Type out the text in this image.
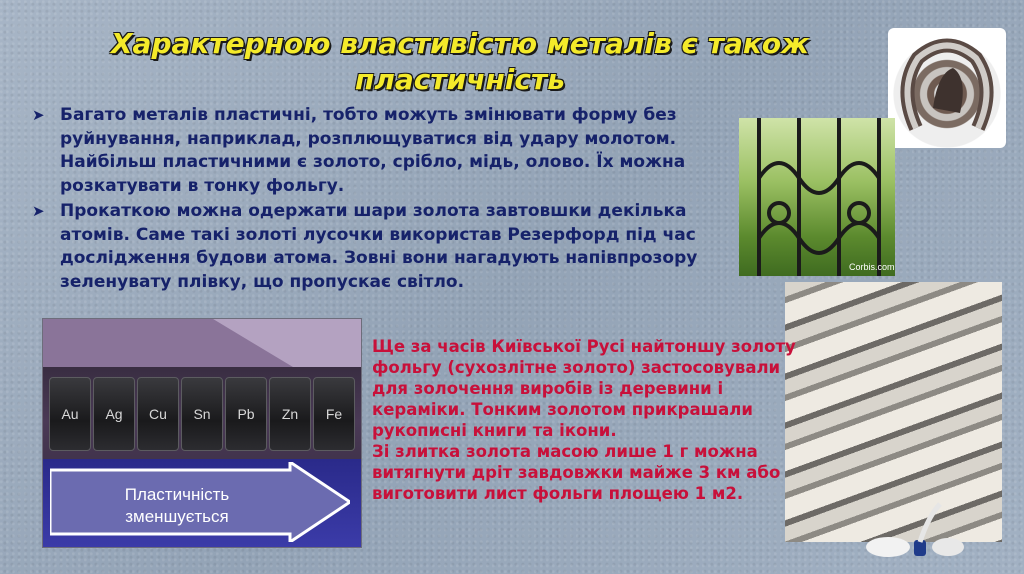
Характерною властивістю металів є також пластичність
➤ Багато металів пластичні, тобто можуть змінювати форму без руйнування, наприклад, розплющуватися від удару молотом. Найбільш пластичними є золото, срібло, мідь, олово. Їх можна розкатувати в тонку фольгу.
➤ Прокаткою можна одержати шари золота завтовшки декілька атомів. Саме такі золоті лусочки використав Резерфорд під час дослідження будови атома. Зовні вони нагадують напівпрозору зеленувату плівку, що пропускає світло.
Corbis.com
Au	Ag	Cu	Sn	Pb	Zn	Fe
Пластичність
зменшується

Ще за часів Київської Русі найтоншу золоту фольгу (сухозлітне золото) застосовували для золочення виробів із деревини і кераміки. Тонким золотом прикрашали рукописні книги та ікони.

Зі злитка золота масою лише 1 г можна витягнути дріт завдовжки майже 3 км або виготовити лист фольги площею 1 м2.
